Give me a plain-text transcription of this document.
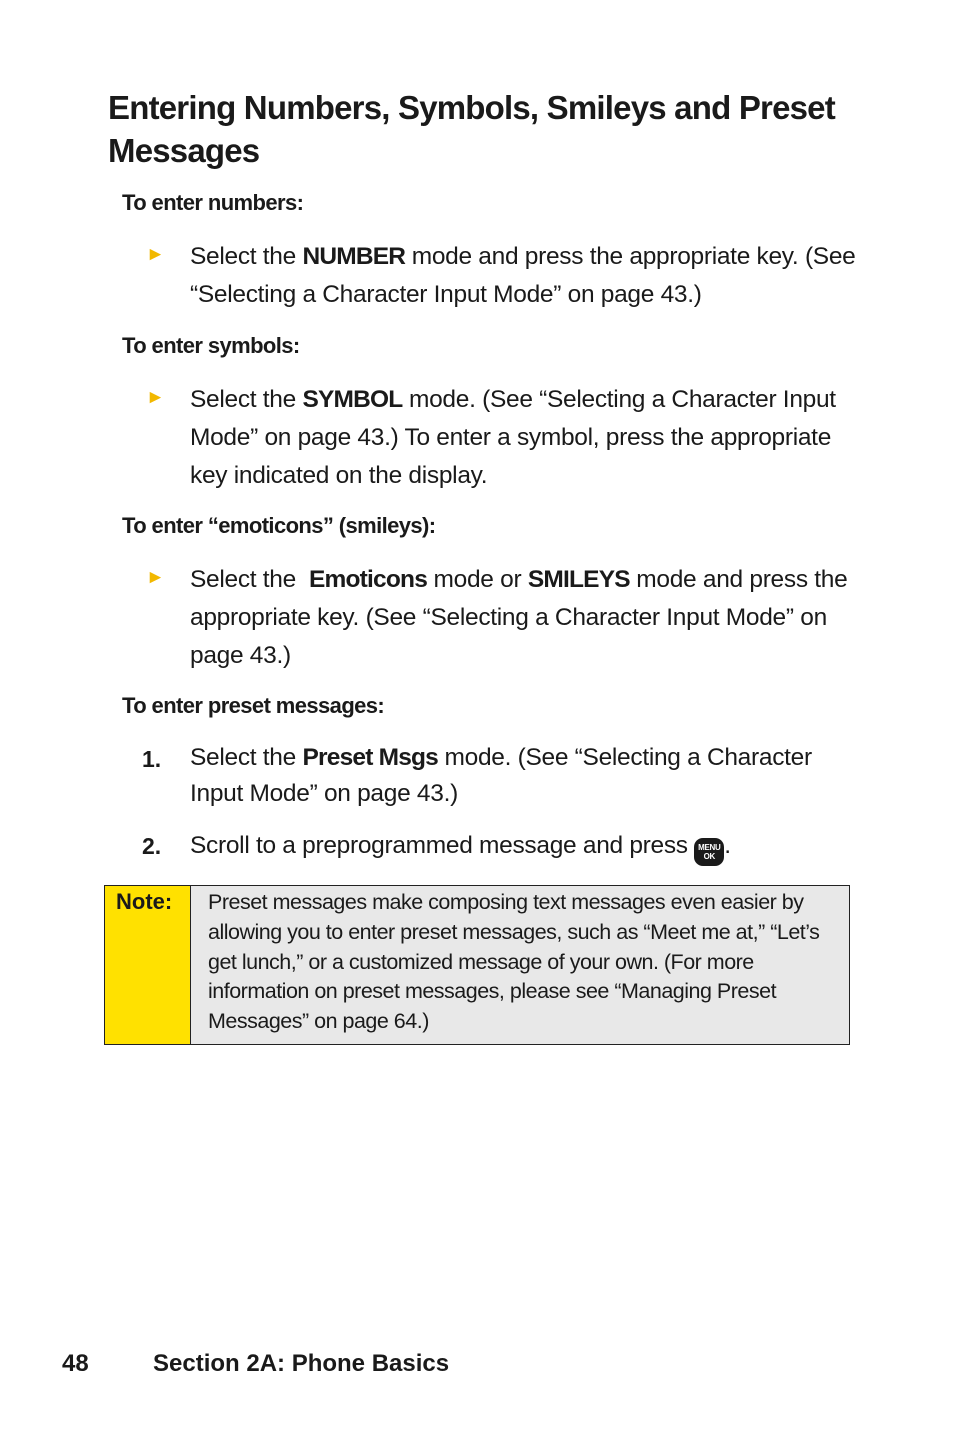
Entering Numbers, Symbols, Smileys and Preset Messages
To enter numbers:
► Select the NUMBER mode and press the appropriate key. (See “Selecting a Character Input Mode” on page 43.)

To enter symbols:
► Select the SYMBOL mode. (See “Selecting a Character Input Mode” on page 43.) To enter a symbol, press the appropriate key indicated on the display.

To enter “emoticons” (smileys):
► Select the  Emoticons mode or SMILEYS mode and press the appropriate key. (See “Selecting a Character Input Mode” on page 43.)

To enter preset messages:
1. Select the Preset Msgs mode. (See “Selecting a Character Input Mode” on page 43.)

2. Scroll to a preprogrammed message and press MENU
OK .

Note:	Preset messages make composing text messages even easier by allowing you to enter preset messages, such as “Meet me at,” “Let’s get lunch,” or a customized message of your own. (For more information on preset messages, please see “Managing Preset Messages” on page 64.)
48	Section 2A: Phone Basics
